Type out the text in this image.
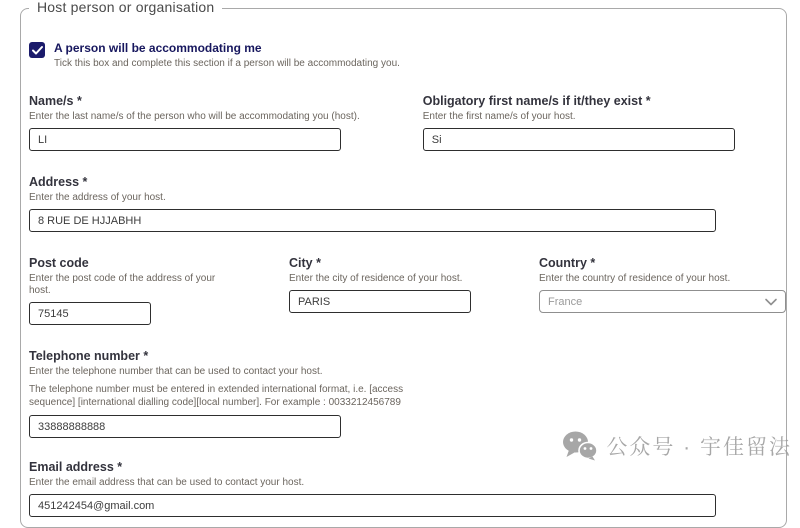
Host person or organisation
A person will be accommodating me
Tick this box and complete this section if a person will be accommodating you.
Name/s *
Enter the last name/s of the person who will be accommodating you (host).
LI
Obligatory first name/s if it/they exist *
Enter the first name/s of your host.
Si
Address *
Enter the address of your host.
8 RUE DE HJJABHH
Post code
Enter the post code of the address of your host.
75145
City *
Enter the city of residence of your host.
PARIS
Country *
Enter the country of residence of your host.
France
Telephone number *
Enter the telephone number that can be used to contact your host.
The telephone number must be entered in extended international format, i.e. [access sequence] [international dialling code][local number]. For example : 0033212456789
33888888888
Email address *
Enter the email address that can be used to contact your host.
451242454@gmail.com
公众号 · 宇佳留法
